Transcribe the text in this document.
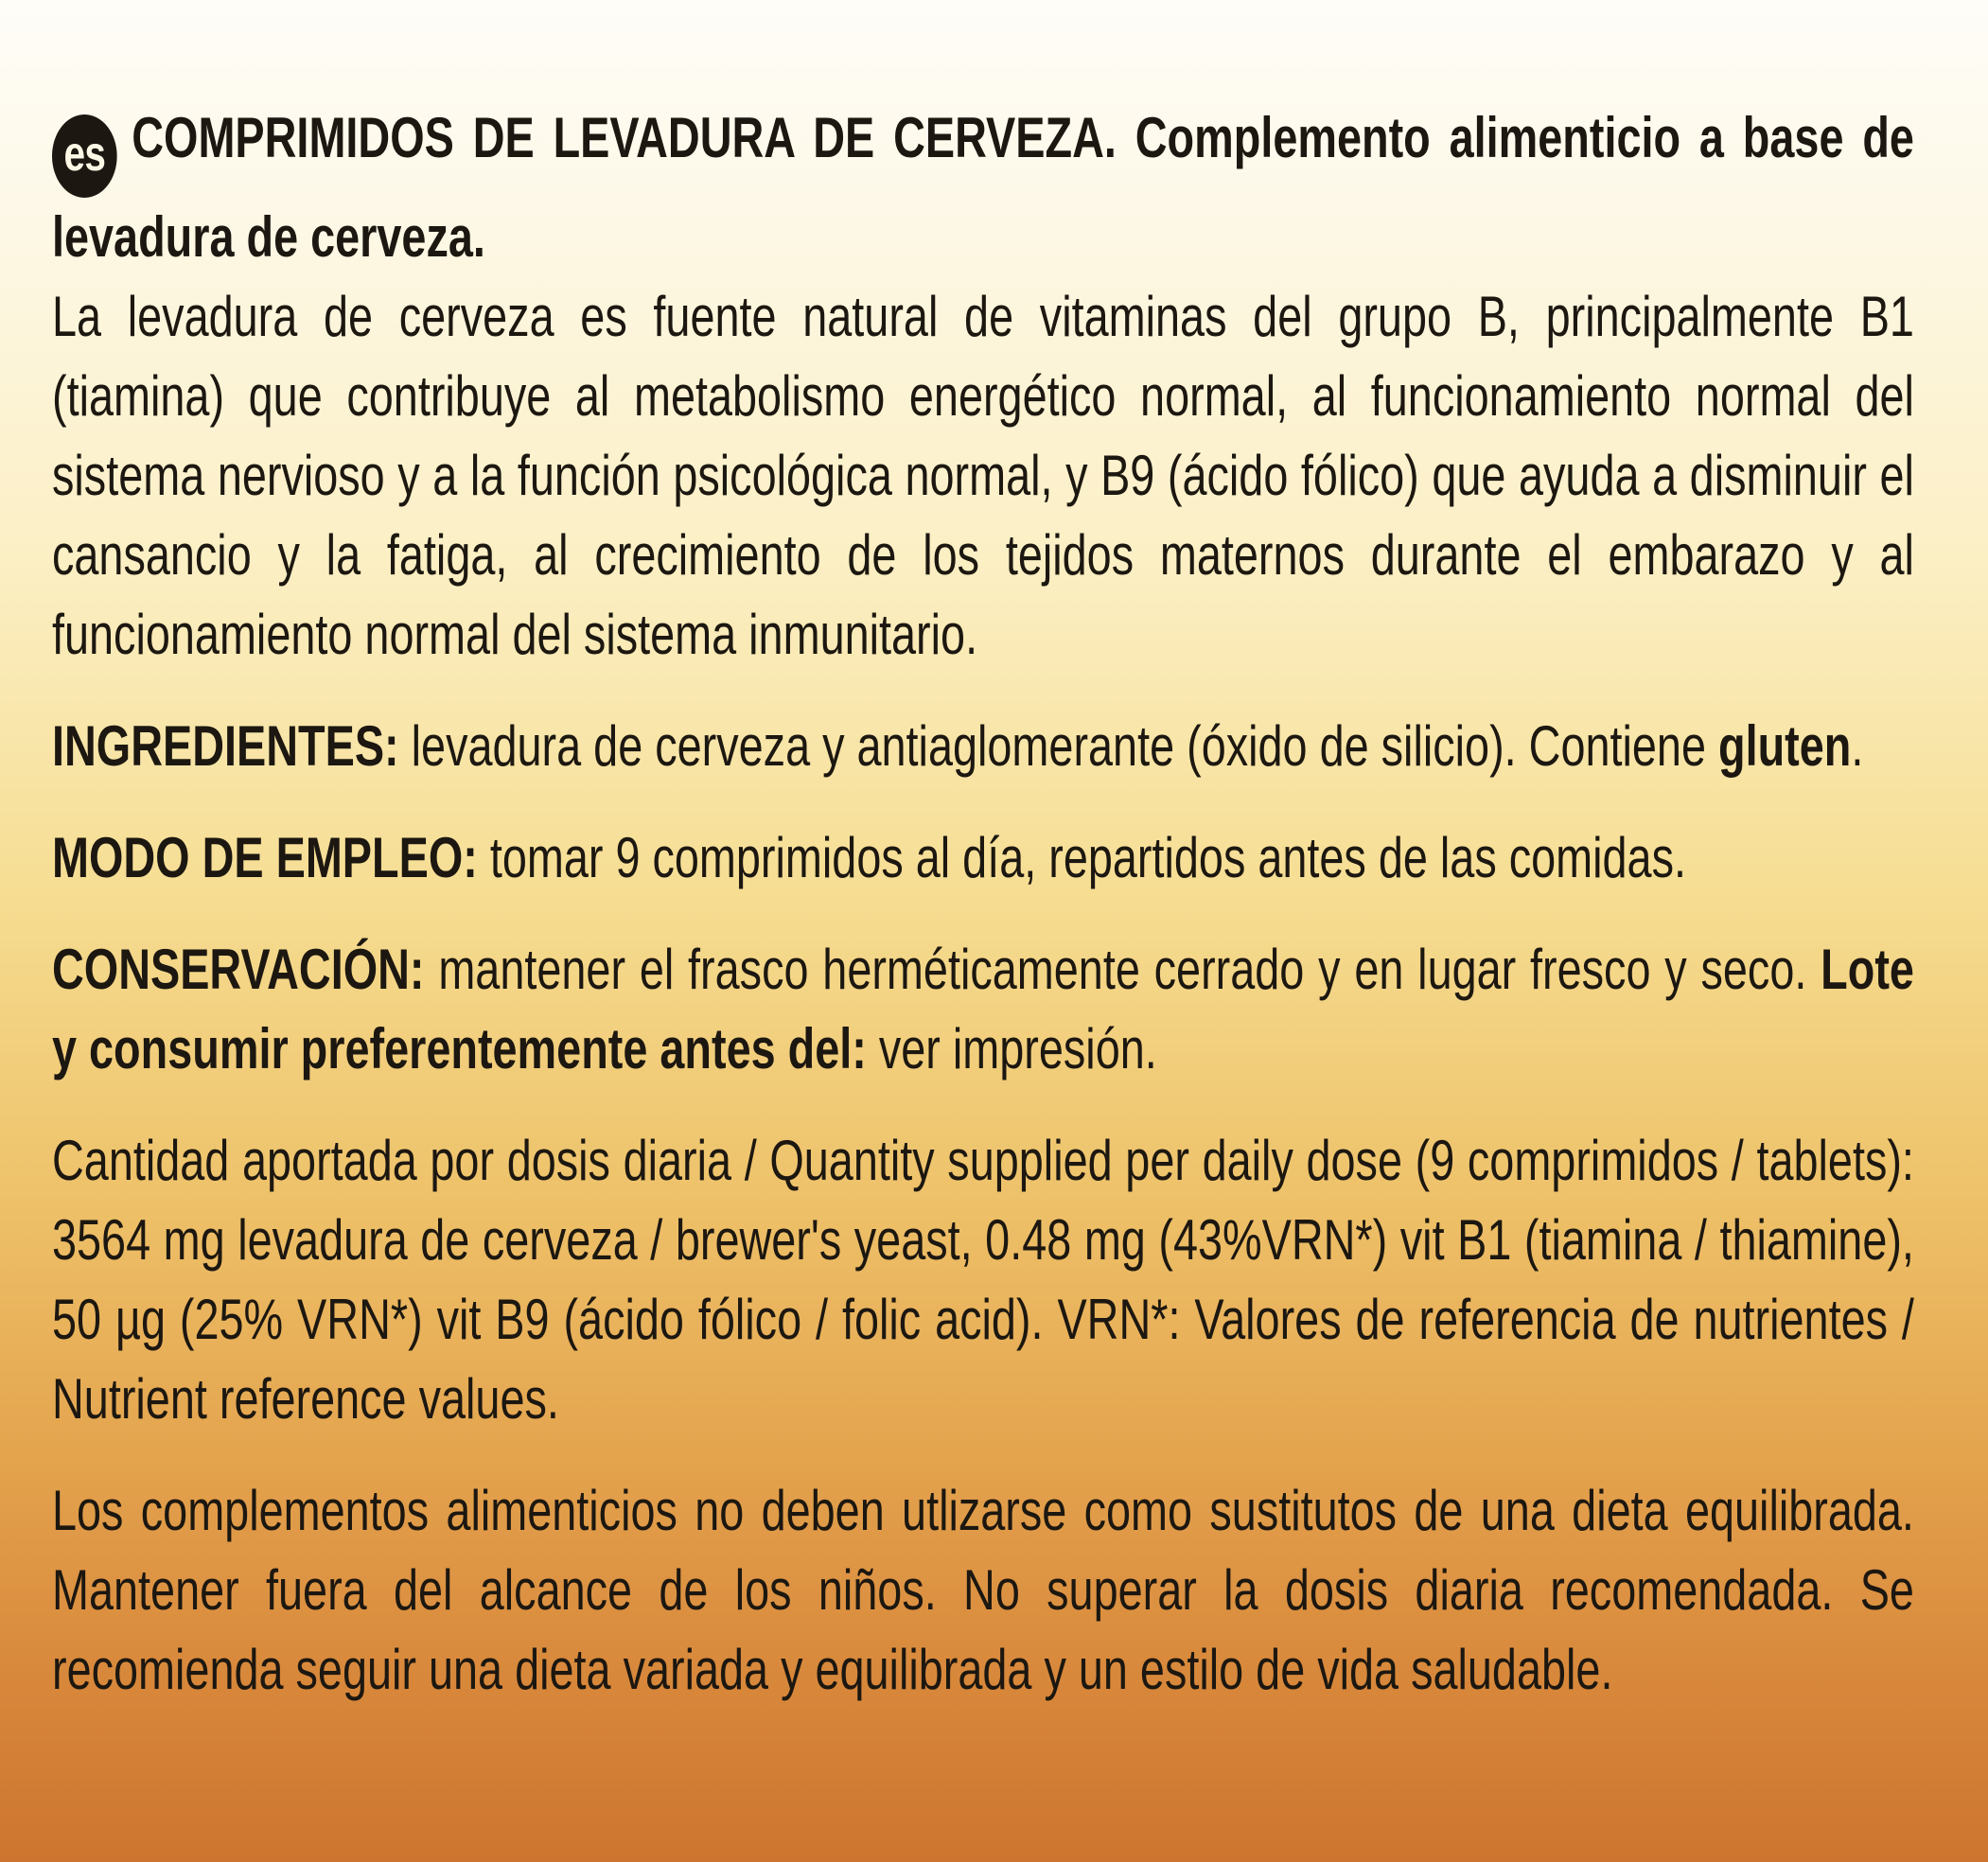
es COMPRIMIDOS DE LEVADURA DE CERVEZA. Complemento alimenticio a base de levadura de cerveza.

La levadura de cerveza es fuente natural de vitaminas del grupo B, principalmente B1 (tiamina) que contribuye al metabolismo energético normal, al funcionamiento normal del sistema nervioso y a la función psicológica normal, y B9 (ácido fólico) que ayuda a disminuir el cansancio y la fatiga, al crecimiento de los tejidos maternos durante el embarazo y al funcionamiento normal del sistema inmunitario.

INGREDIENTES: levadura de cerveza y antiaglomerante (óxido de silicio). Contiene gluten.

MODO DE EMPLEO: tomar 9 comprimidos al día, repartidos antes de las comidas.

CONSERVACIÓN: mantener el frasco herméticamente cerrado y en lugar fresco y seco. Lote y consumir preferentemente antes del: ver impresión.

Cantidad aportada por dosis diaria / Quantity supplied per daily dose (9 comprimidos / tablets): 3564 mg levadura de cerveza / brewer's yeast, 0.48 mg (43%VRN*) vit B1 (tiamina / thiamine), 50 µg (25% VRN*) vit B9 (ácido fólico / folic acid). VRN*: Valores de referencia de nutrientes / Nutrient reference values.

Los complementos alimenticios no deben utlizarse como sustitutos de una dieta equilibrada. Mantener fuera del alcance de los niños. No superar la dosis diaria recomendada. Se recomienda seguir una dieta variada y equilibrada y un estilo de vida saludable.
